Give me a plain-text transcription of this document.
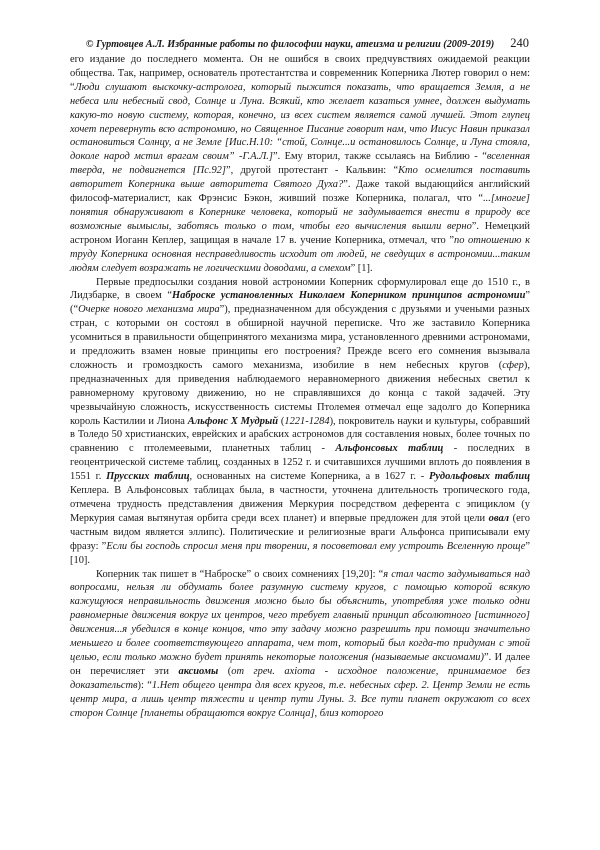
© Гуртовцев А.Л. Избранные работы по философии науки, атеизма и религии (2009-2019) 240

его издание до последнего момента. Он не ошибся в своих предчувствиях ожидаемой реакции общества. Так, например, основатель протестантства и современник Коперника Лютер говорил о нем: “Люди слушают выскочку-астролога, который пыжится показать, что вращается Земля, а не небеса или небесный свод, Солнце и Луна. Всякий, кто желает казаться умнее, должен выдумать какую-то новую систему, которая, конечно, из всех систем является самой лучшей. Этот глупец хочет перевернуть всю астрономию, но Священное Писание говорит нам, что Иисус Навин приказал остановиться Солнцу, а не Земле [Иис.Н.10: “стой, Солнце...и остановилось Солнце, и Луна стояла, доколе народ мстил врагам своим” -Г.А.Л.]”. Ему вторил, также ссылаясь на Библию - “вселенная тверда, не подвигнется [Пс.92]”, другой протестант - Кальвин: “Кто осмелится поставить авторитет Коперника выше авторитета Святого Духа?”. Даже такой выдающийся английский философ-материалист, как Фрэнсис Бэкон, живший позже Коперника, полагал, что “...[многие] понятия обнаруживают в Копернике человека, который не задумывается внести в природу все возможные вымыслы, заботясь только о том, чтобы его вычисления вышли верно”. Немецкий астроном Иоганн Кеплер, защищая в начале 17 в. учение Коперника, отмечал, что ”по отношению к труду Коперника основная несправедливость исходит от людей, не сведущих в астрономии...таким людям следует возражать не логическими доводами, а смехом” [1].

Первые предпосылки создания новой астрономии Коперник сформулировал еще до 1510 г., в Лидзбарке, в своем “Наброске установленных Николаем Коперником принципов астрономии” (“Очерке нового механизма мира”), предназначенном для обсуждения с друзьями и учеными разных стран, с которыми он состоял в обширной научной переписке. Что же заставило Коперника усомниться в правильности общепринятого механизма мира, установленного древними астрономами, и предложить взамен новые принципы его построения? Прежде всего его сомнения вызывала сложность и громоздкость самого механизма, изобилие в нем небесных кругов (сфер), предназначенных для приведения наблюдаемого неравномерного движения небесных светил к равномерному круговому движению, но не справлявшихся до конца с такой задачей. Эту чрезвычайную сложность, искусственность системы Птолемея отмечал еще задолго до Коперника король Кастилии и Лиона Альфонс Х Мудрый (1221-1284), покровитель науки и культуры, собравший в Толедо 50 христианских, еврейских и арабских астрономов для составления новых, более точных по сравнению с птолемеевыми, планетных таблиц - Альфонсовых таблиц - последних в геоцентрической системе таблиц, созданных в 1252 г. и считавшихся лучшими вплоть до появления в 1551 г. Прусских таблиц, основанных на системе Коперника, а в 1627 г. - Рудольфовых таблиц Кеплера. В Альфонсовых таблицах была, в частности, уточнена длительность тропического года, отмечена трудность представления движения Меркурия посредством деферента с эпициклом (у Меркурия самая вытянутая орбита среди всех планет) и впервые предложен для этой цели овал (его частным видом является эллипс). Политические и религиозные враги Альфонса приписывали ему фразу: ”Если бы господь спросил меня при творении, я посоветовал ему устроить Вселенную проще” [10].

Коперник так пишет в “Наброске” о своих сомнениях [19,20]: “я стал часто задумываться над вопросами, нельзя ли обдумать более разумную систему кругов, с помощью которой всякую кажущуюся неправильность движения можно было бы объяснить, употребляя уже только одни равномерные движения вокруг их центров, чего требует главный принцип абсолютного [истинного] движения...я убедился в конце концов, что эту задачу можно разрешить при помощи значительно меньшего и более соответствующего аппарата, чем тот, который был когда-то придуман с этой целью, если только можно будет принять некоторые положения (называемые аксиомами)”. И далее он перечисляет эти аксиомы (от греч. axioma - исходное положение, принимаемое без доказательств): “1.Нет общего центра для всех кругов, т.е. небесных сфер. 2. Центр Земли не есть центр мира, а лишь центр тяжести и центр пути Луны. 3. Все пути планет окружают со всех сторон Солнце [планеты обращаются вокруг Солнца], близ которого
